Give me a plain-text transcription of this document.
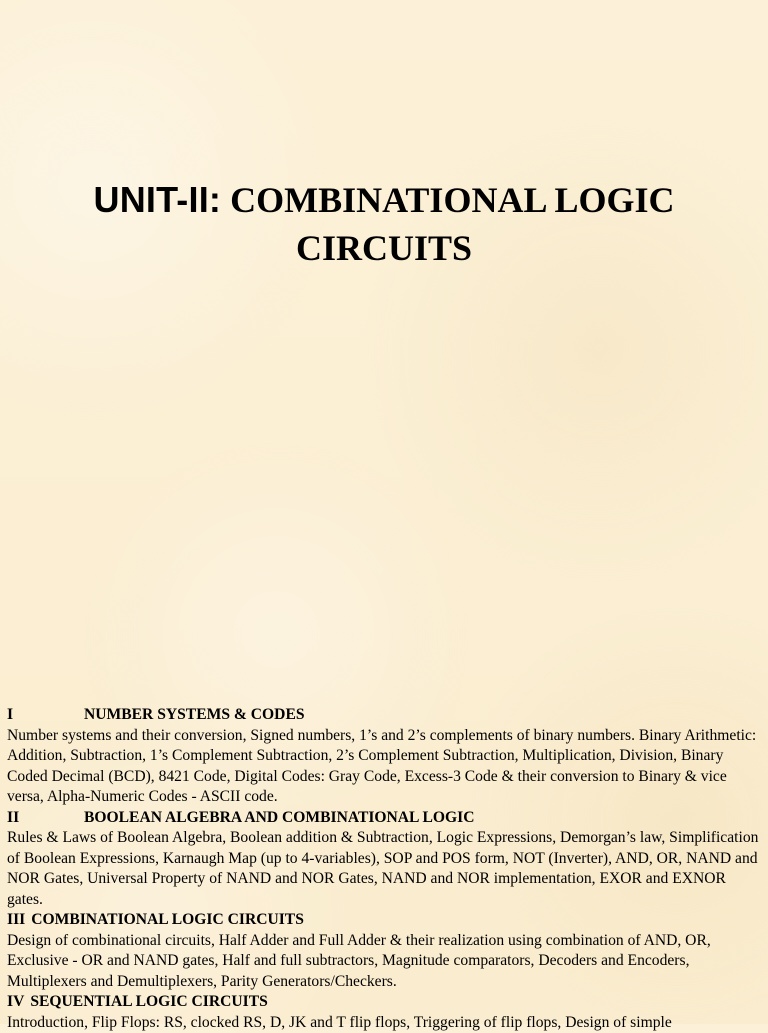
UNIT-II: COMBINATIONAL LOGIC
CIRCUITS
I	NUMBER SYSTEMS & CODES

Number systems and their conversion, Signed numbers, 1’s and 2’s complements of binary numbers. Binary Arithmetic: Addition, Subtraction, 1’s Complement Subtraction, 2’s Complement Subtraction, Multiplication, Division, Binary Coded Decimal (BCD), 8421 Code, Digital Codes: Gray Code, Excess-3 Code & their conversion to Binary & vice versa, Alpha-Numeric Codes - ASCII code.

II	BOOLEAN ALGEBRA AND COMBINATIONAL LOGIC

Rules & Laws of Boolean Algebra, Boolean addition & Subtraction, Logic Expressions, Demorgan’s law, Simplification of Boolean Expressions, Karnaugh Map (up to 4-variables), SOP and POS form, NOT (Inverter), AND, OR, NAND and NOR Gates, Universal Property of NAND and NOR Gates, NAND and NOR implementation, EXOR and EXNOR gates.

III COMBINATIONAL LOGIC CIRCUITS

Design of combinational circuits, Half Adder and Full Adder & their realization using combination of AND, OR, Exclusive - OR and NAND gates, Half and full subtractors, Magnitude comparators, Decoders and Encoders, Multiplexers and Demultiplexers, Parity Generators/Checkers.

IV SEQUENTIAL LOGIC CIRCUITS

Introduction, Flip Flops: RS, clocked RS, D, JK and T flip flops, Triggering of flip flops, Design of simple
